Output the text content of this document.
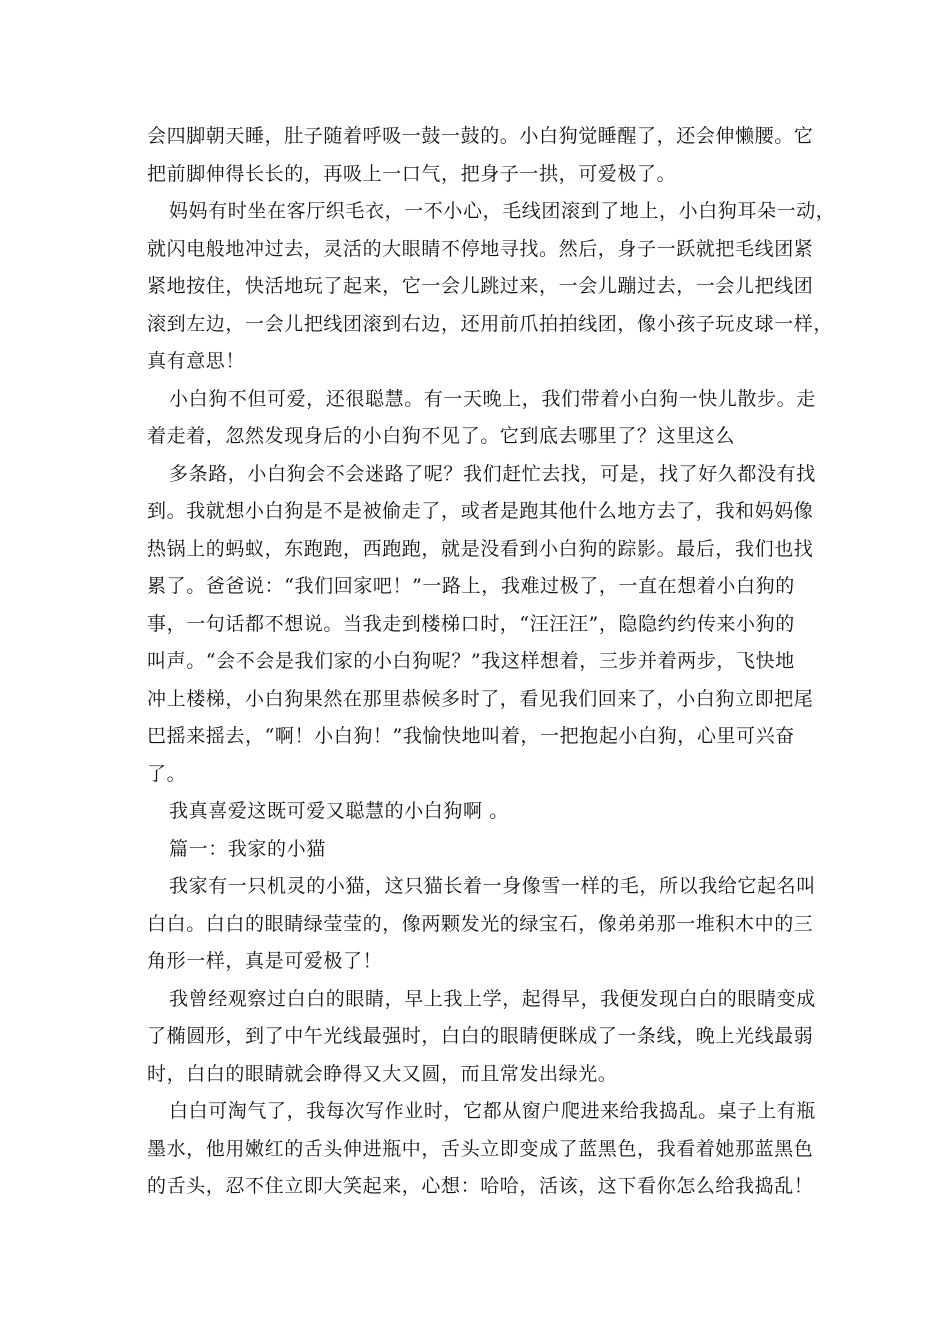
会四脚朝天睡，肚子随着呼吸一鼓一鼓的。小白狗觉睡醒了，还会伸懒腰。它
把前脚伸得长长的，再吸上一口气，把身子一拱，可爱极了。
妈妈有时坐在客厅织毛衣，一不小心，毛线团滚到了地上，小白狗耳朵一动，
就闪电般地冲过去，灵活的大眼睛不停地寻找。然后，身子一跃就把毛线团紧
紧地按住，快活地玩了起来，它一会儿跳过来，一会儿蹦过去，一会儿把线团
滚到左边，一会儿把线团滚到右边，还用前爪拍拍线团，像小孩子玩皮球一样，
真有意思！
小白狗不但可爱，还很聪慧。有一天晚上，我们带着小白狗一快儿散步。走
着走着，忽然发现身后的小白狗不见了。它到底去哪里了？这里这么
多条路，小白狗会不会迷路了呢？我们赶忙去找，可是，找了好久都没有找
到。我就想小白狗是不是被偷走了，或者是跑其他什么地方去了，我和妈妈像
热锅上的蚂蚁，东跑跑，西跑跑，就是没看到小白狗的踪影。最后，我们也找
累了。爸爸说：“我们回家吧！”一路上，我难过极了，一直在想着小白狗的
事，一句话都不想说。当我走到楼梯口时，“汪汪汪”，隐隐约约传来小狗的
叫声。“会不会是我们家的小白狗呢？”我这样想着，三步并着两步，飞快地
冲上楼梯，小白狗果然在那里恭候多时了，看见我们回来了，小白狗立即把尾
巴摇来摇去，“啊！小白狗！”我愉快地叫着，一把抱起小白狗，心里可兴奋
了。
我真喜爱这既可爱又聪慧的小白狗啊 。
篇一：我家的小猫
我家有一只机灵的小猫，这只猫长着一身像雪一样的毛，所以我给它起名叫
白白。白白的眼睛绿莹莹的，像两颗发光的绿宝石，像弟弟那一堆积木中的三
角形一样，真是可爱极了！
我曾经观察过白白的眼睛，早上我上学，起得早，我便发现白白的眼睛变成
了椭圆形，到了中午光线最强时，白白的眼睛便眯成了一条线，晚上光线最弱
时，白白的眼睛就会睁得又大又圆，而且常发出绿光。
白白可淘气了，我每次写作业时，它都从窗户爬进来给我捣乱。桌子上有瓶
墨水，他用嫩红的舌头伸进瓶中，舌头立即变成了蓝黑色，我看着她那蓝黑色
的舌头，忍不住立即大笑起来，心想：哈哈，活该，这下看你怎么给我捣乱！
